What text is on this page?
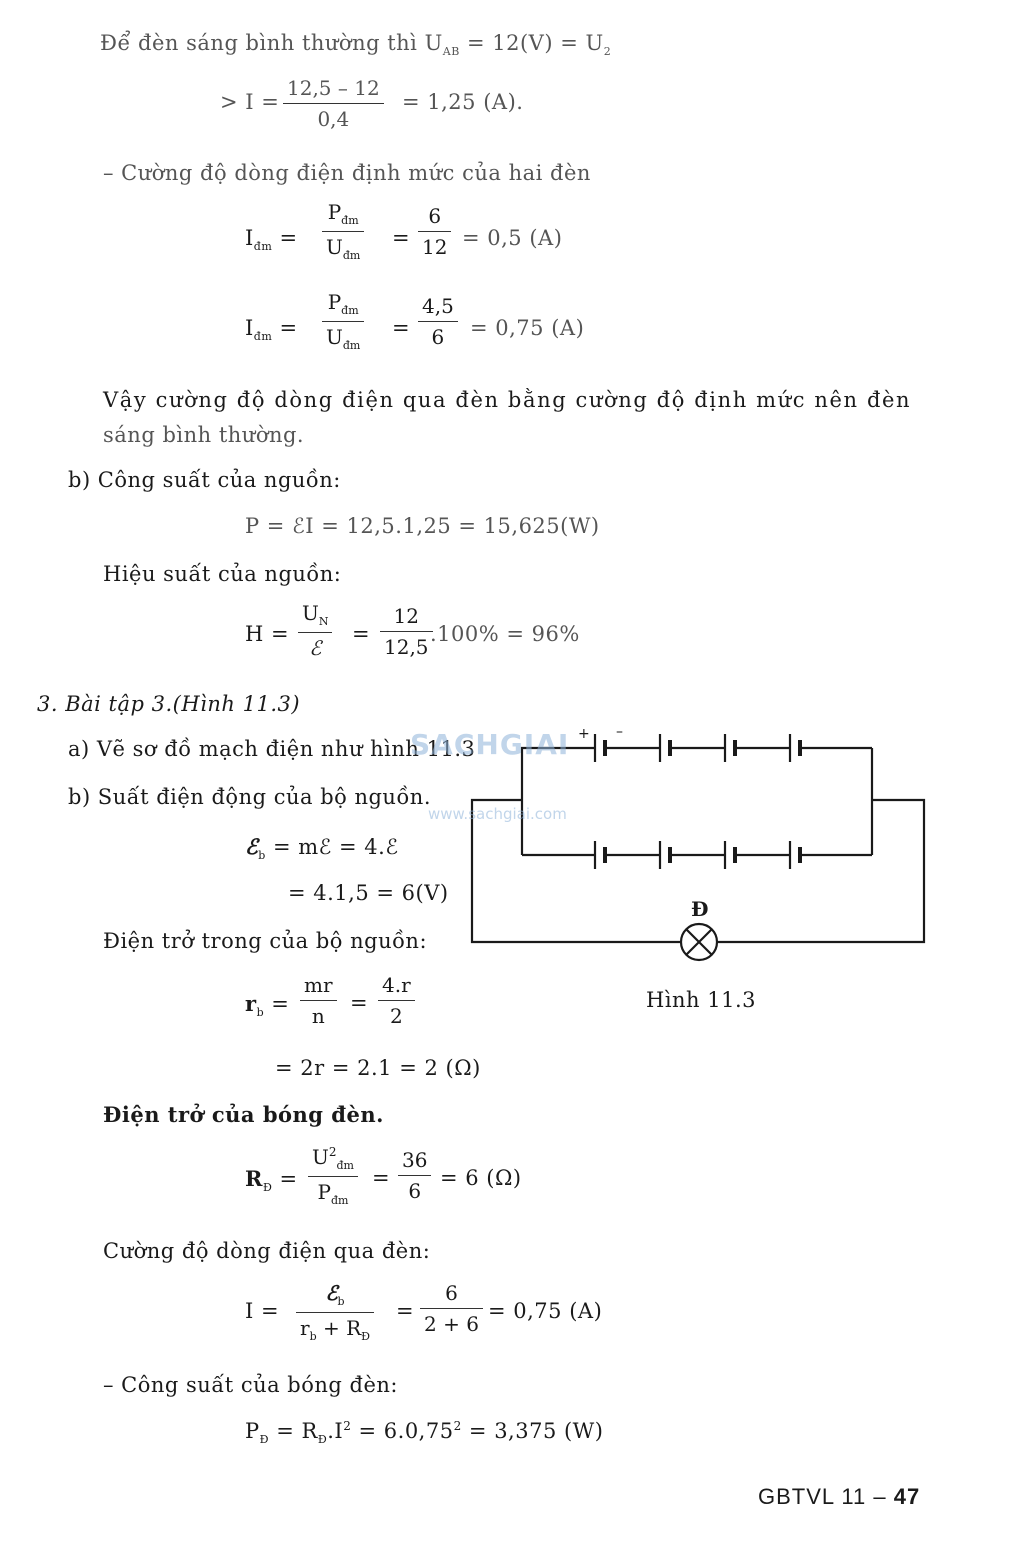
Để đèn sáng bình thường thì $U_{AB} = 12(V) = U_2$
> I =
12,5 – 12
0,4
= 1,25 (A).
– Cường độ dòng điện định mức của hai đèn
$I_{đm}$ =
$P_{đm}$
$U_{đm}$
=
6
12 = 0,5 (A)
$I_{đm}$ =
$P_{đm}$
$U_{đm}$
=
4,5
6 = 0,75 (A)
Vậy cường độ dòng điện qua đèn bằng cường độ định mức nên đèn
sáng bình thường.
b) Công suất của nguồn:
P = ℰI = 12,5.1,25 = 15,625(W)
Hiệu suất của nguồn:
H =
$U_N$
ℰ
=
12
12,5
.100% = 96%
3. Bài tập 3.(Hình 11.3)
a) Vẽ sơ đồ mạch điện như hình 11.3
b) Suất điện động của bộ nguồn.
ℰ$_b$ = mℰ = 4.ℰ
= 4.1,5 = 6(V)
Điện trở trong của bộ nguồn:
$r_b$ =
mr
n
=
4.r
2
= 2r = 2.1 = 2 (Ω)
Điện trở của bóng đèn.
$R_Đ$ =
$U^2_{đm}$
$P_{đm}$
=
36
6
= 6 (Ω)
Cường độ dòng điện qua đèn:
I =
ℰ$_b$
$r_b + R_Đ$
=
6
2 + 6
= 0,75 (A)
– Công suất của bóng đèn:
$P_Đ = R_Đ.I^2 = 6.0,75^2 = 3,375$ (W)
+ –
Đ
Hình 11.3
SACHGIAI
www.sachgiai.com
GBTVL 11 – 47
